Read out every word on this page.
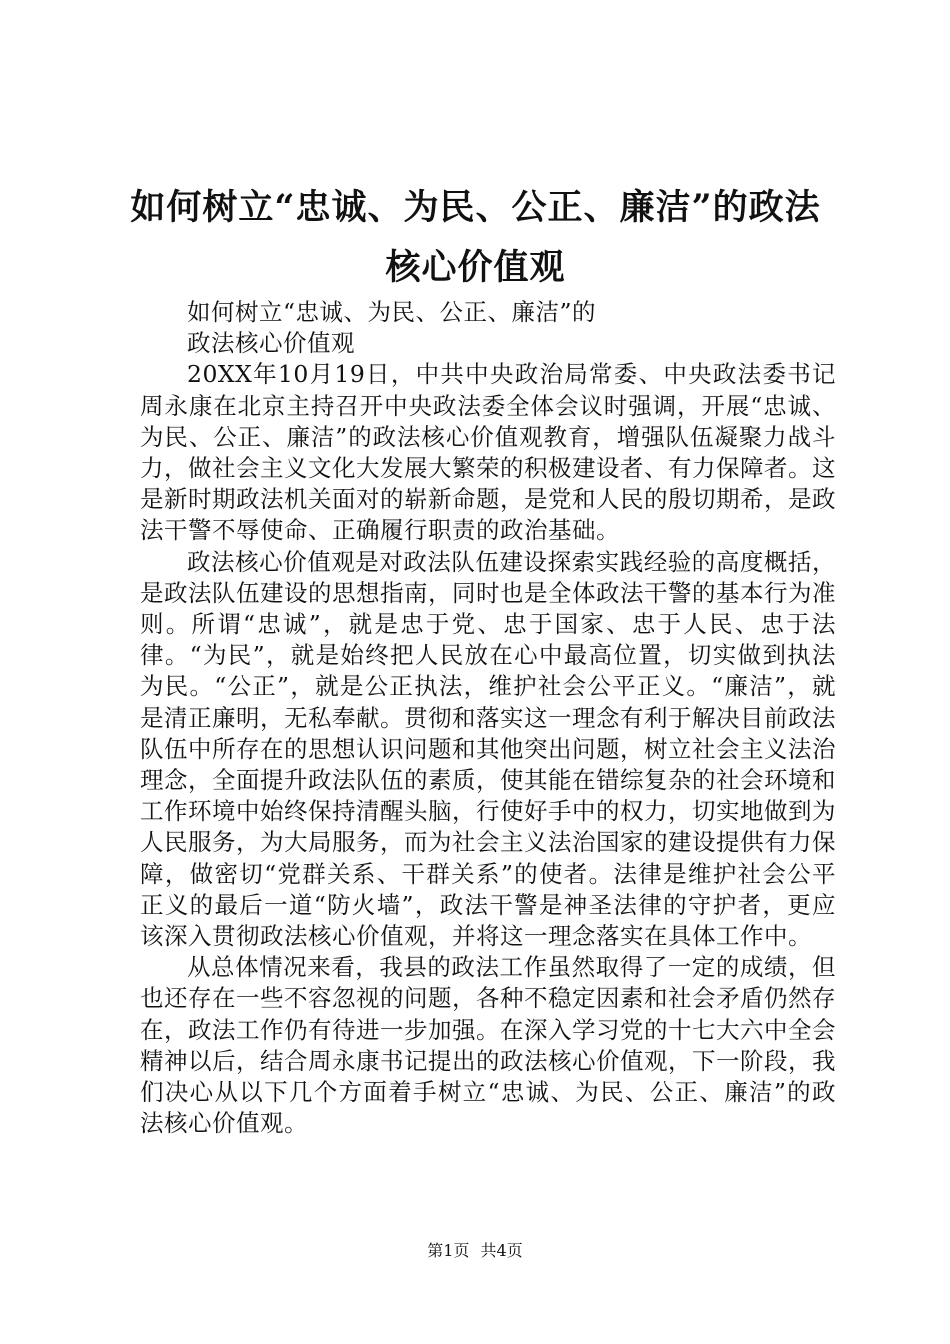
如何树立“忠诚、为民、公正、廉洁”的政法
核心价值观

如何树立“忠诚、为民、公正、廉洁”的

政法核心价值观

20XX年10月19日，中共中央政治局常委、中央政法委书记周永康在北京主持召开中央政法委全体会议时强调，开展“忠诚、为民、公正、廉洁”的政法核心价值观教育，增强队伍凝聚力战斗力，做社会主义文化大发展大繁荣的积极建设者、有力保障者。这是新时期政法机关面对的崭新命题，是党和人民的殷切期希，是政法干警不辱使命、正确履行职责的政治基础。

政法核心价值观是对政法队伍建设探索实践经验的高度概括，是政法队伍建设的思想指南，同时也是全体政法干警的基本行为准则。所谓“忠诚”，就是忠于党、忠于国家、忠于人民、忠于法律。“为民”，就是始终把人民放在心中最高位置，切实做到执法为民。“公正”，就是公正执法，维护社会公平正义。“廉洁”，就是清正廉明，无私奉献。贯彻和落实这一理念有利于解决目前政法队伍中所存在的思想认识问题和其他突出问题，树立社会主义法治理念，全面提升政法队伍的素质，使其能在错综复杂的社会环境和工作环境中始终保持清醒头脑，行使好手中的权力，切实地做到为人民服务，为大局服务，而为社会主义法治国家的建设提供有力保障，做密切“党群关系、干群关系”的使者。法律是维护社会公平正义的最后一道“防火墙”，政法干警是神圣法律的守护者，更应该深入贯彻政法核心价值观，并将这一理念落实在具体工作中。

从总体情况来看，我县的政法工作虽然取得了一定的成绩，但也还存在一些不容忽视的问题，各种不稳定因素和社会矛盾仍然存在，政法工作仍有待进一步加强。在深入学习党的十七大六中全会精神以后，结合周永康书记提出的政法核心价值观，下一阶段，我们决心从以下几个方面着手树立“忠诚、为民、公正、廉洁”的政法核心价值观。

第1页 共4页
